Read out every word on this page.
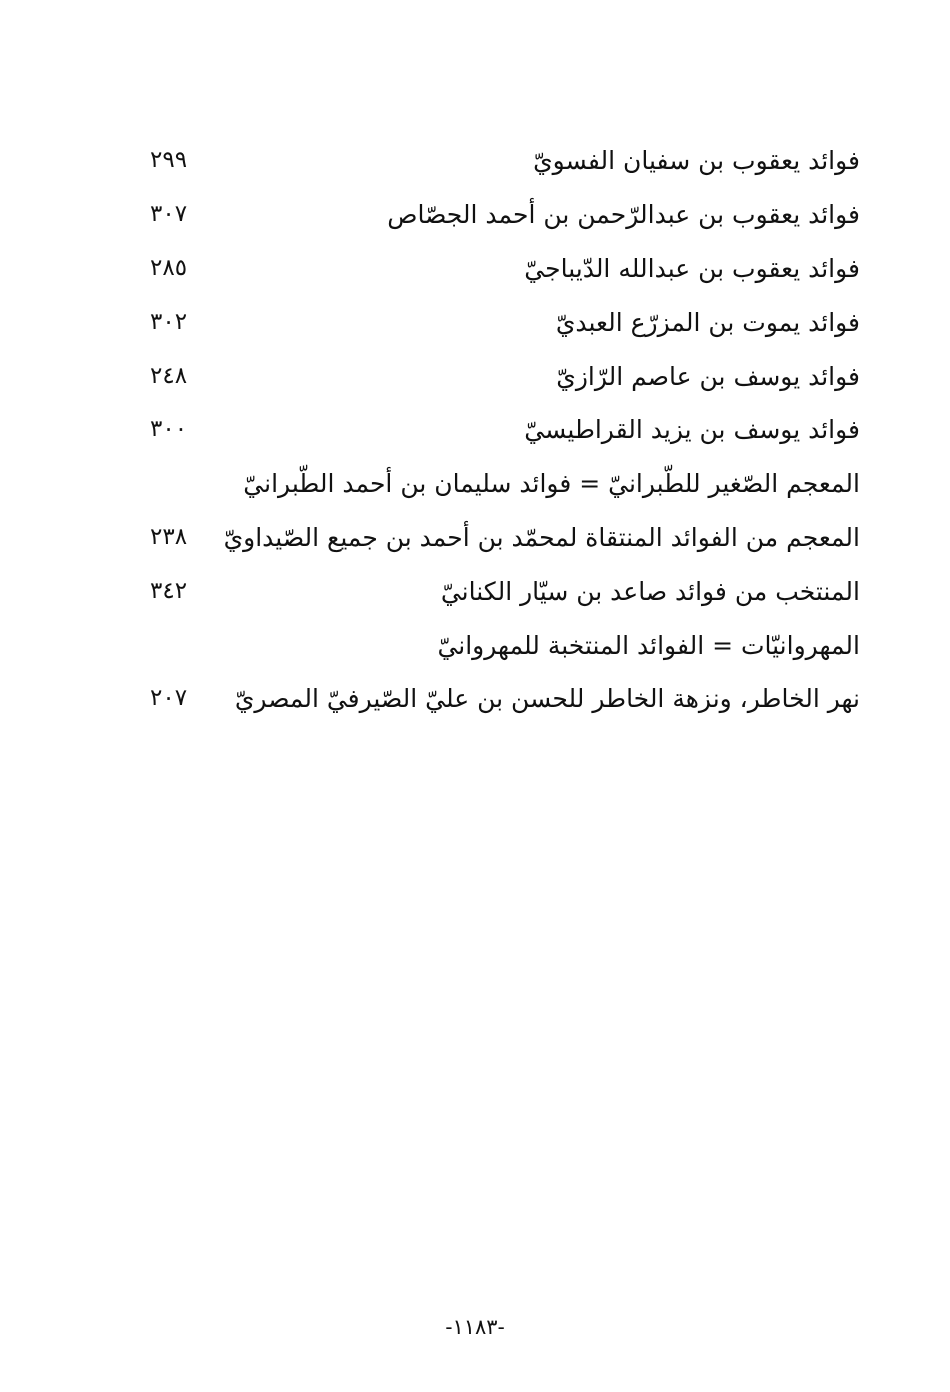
فوائد يعقوب بن سفيان الفسويّ
٢٩٩
فوائد يعقوب بن عبدالرّحمن بن أحمد الجصّاص
٣٠٧
فوائد يعقوب بن عبدالله الدّيباجيّ
٢٨٥
فوائد يموت بن المزرّع العبديّ
٣٠٢
فوائد يوسف بن عاصم الرّازيّ
٢٤٨
فوائد يوسف بن يزيد القراطيسيّ
٣٠٠
المعجم الصّغير للطّبرانيّ = فوائد سليمان بن أحمد الطّبرانيّ
المعجم من الفوائد المنتقاة لمحمّد بن أحمد بن جميع الصّيداويّ
٢٣٨
المنتخب من فوائد صاعد بن سيّار الكنانيّ
٣٤٢
المهروانيّات = الفوائد المنتخبة للمهروانيّ
نهر الخاطر، ونزهة الخاطر للحسن بن عليّ الصّيرفيّ المصريّ
٢٠٧
-١١٨٣-
